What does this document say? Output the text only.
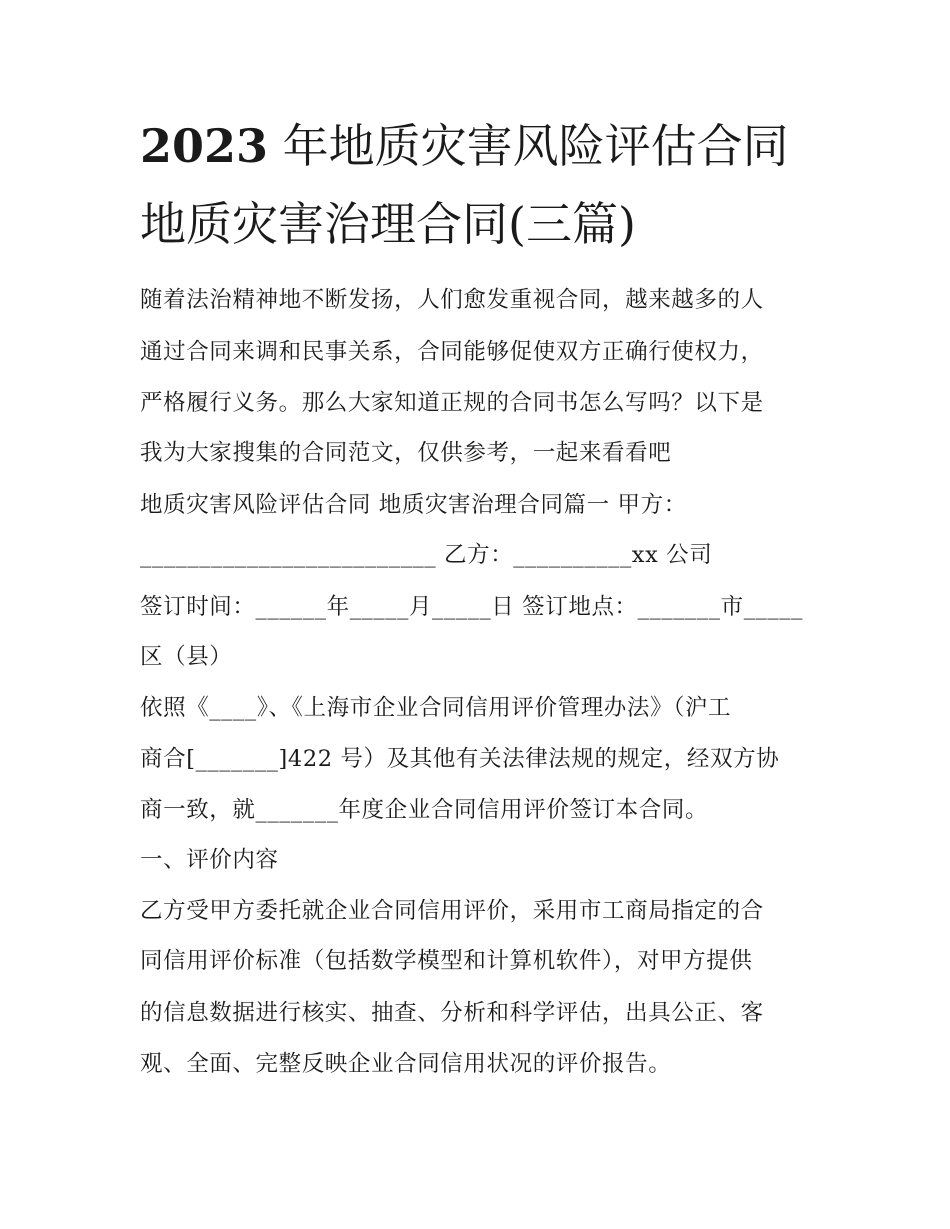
2023 年地质灾害风险评估合同
地质灾害治理合同(三篇)
随着法治精神地不断发扬，人们愈发重视合同，越来越多的人
通过合同来调和民事关系，合同能够促使双方正确行使权力，
严格履行义务。那么大家知道正规的合同书怎么写吗？以下是
我为大家搜集的合同范文，仅供参考，一起来看看吧
地质灾害风险评估合同 地质灾害治理合同篇一 甲方：
_________________________ 乙方：__________xx 公司
签订时间：______年_____月_____日 签订地点：_______市_____
区（县）
依照《____》、《上海市企业合同信用评价管理办法》（沪工
商合[_______]422 号）及其他有关法律法规的规定，经双方协
商一致，就_______年度企业合同信用评价签订本合同。
一、评价内容
乙方受甲方委托就企业合同信用评价，采用市工商局指定的合
同信用评价标准（包括数学模型和计算机软件），对甲方提供
的信息数据进行核实、抽查、分析和科学评估，出具公正、客
观、全面、完整反映企业合同信用状况的评价报告。
